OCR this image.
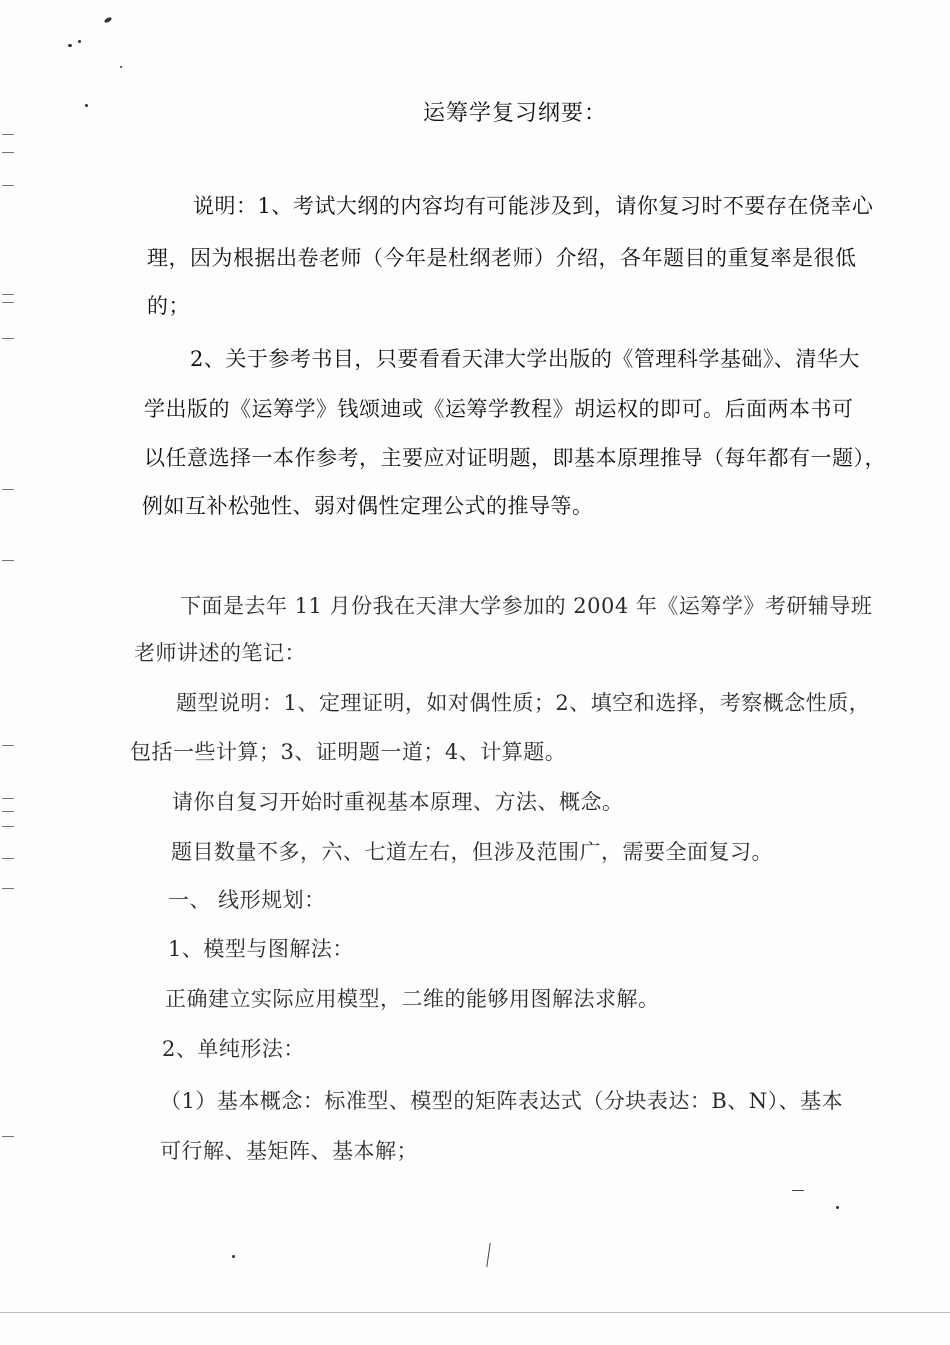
运筹学复习纲要：
说明：1、考试大纲的内容均有可能涉及到，请你复习时不要存在侥幸心
理，因为根据出卷老师（今年是杜纲老师）介绍，各年题目的重复率是很低
的；
2、关于参考书目，只要看看天津大学出版的《管理科学基础》、清华大
学出版的《运筹学》钱颂迪或《运筹学教程》胡运权的即可。后面两本书可
以任意选择一本作参考，主要应对证明题，即基本原理推导（每年都有一题），
例如互补松弛性、弱对偶性定理公式的推导等。
下面是去年 11 月份我在天津大学参加的 2004 年《运筹学》考研辅导班
老师讲述的笔记：
题型说明：1、定理证明，如对偶性质；2、填空和选择，考察概念性质，
包括一些计算；3、证明题一道；4、计算题。
请你自复习开始时重视基本原理、方法、概念。
题目数量不多，六、七道左右，但涉及范围广，需要全面复习。
一、 线形规划：
1、模型与图解法：
正确建立实际应用模型，二维的能够用图解法求解。
2、单纯形法：
（1）基本概念：标准型、模型的矩阵表达式（分块表达：B、N）、基本
可行解、基矩阵、基本解；
